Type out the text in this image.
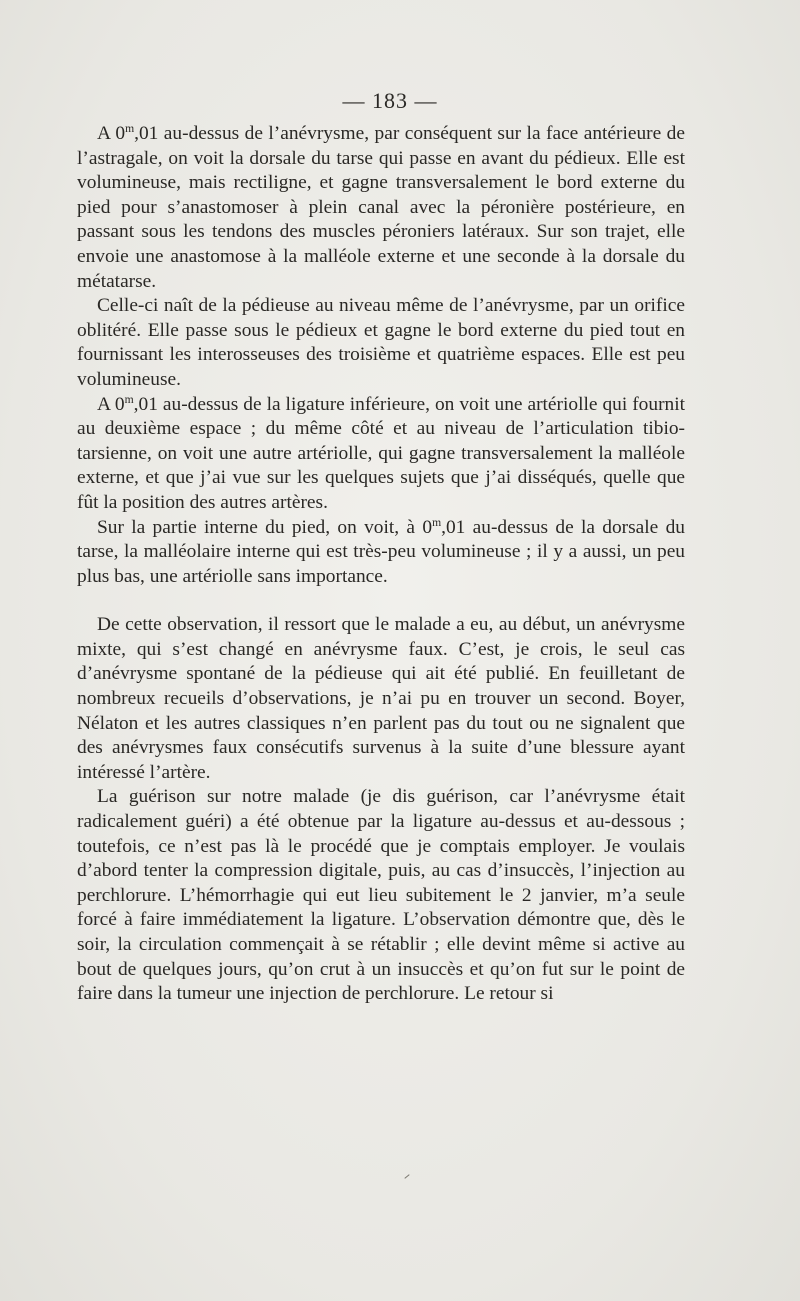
— 183 —

A 0$^m$,01 au-dessus de l’anévrysme, par conséquent sur la face antérieure de l’astragale, on voit la dorsale du tarse qui passe en avant du pédieux. Elle est volumineuse, mais rectiligne, et gagne transversalement le bord externe du pied pour s’anastomoser à plein canal avec la péronière postérieure, en passant sous les tendons des muscles péroniers latéraux. Sur son trajet, elle envoie une anastomose à la malléole externe et une seconde à la dorsale du métatarse.

Celle-ci naît de la pédieuse au niveau même de l’anévrysme, par un orifice oblitéré. Elle passe sous le pédieux et gagne le bord externe du pied tout en fournissant les interosseuses des troisième et quatrième espaces. Elle est peu volumineuse.

A 0$^m$,01 au-dessus de la ligature inférieure, on voit une artériolle qui fournit au deuxième espace ; du même côté et au niveau de l’articulation tibio-tarsienne, on voit une autre artériolle, qui gagne transversalement la malléole externe, et que j’ai vue sur les quelques sujets que j’ai disséqués, quelle que fût la position des autres artères.

Sur la partie interne du pied, on voit, à 0$^m$,01 au-dessus de la dorsale du tarse, la malléolaire interne qui est très-peu volumineuse ; il y a aussi, un peu plus bas, une artériolle sans importance.

De cette observation, il ressort que le malade a eu, au début, un anévrysme mixte, qui s’est changé en anévrysme faux. C’est, je crois, le seul cas d’anévrysme spontané de la pédieuse qui ait été publié. En feuilletant de nombreux recueils d’observations, je n’ai pu en trouver un second. Boyer, Nélaton et les autres classiques n’en parlent pas du tout ou ne signalent que des anévrysmes faux consécutifs survenus à la suite d’une blessure ayant intéressé l’artère.

La guérison sur notre malade (je dis guérison, car l’anévrysme était radicalement guéri) a été obtenue par la ligature au-dessus et au-dessous ; toutefois, ce n’est pas là le procédé que je comptais employer. Je voulais d’abord tenter la compression digitale, puis, au cas d’insuccès, l’injection au perchlorure. L’hémorrhagie qui eut lieu subitement le 2 janvier, m’a seule forcé à faire immédiatement la ligature. L’observation démontre que, dès le soir, la circulation commençait à se rétablir ; elle devint même si active au bout de quelques jours, qu’on crut à un insuccès et qu’on fut sur le point de faire dans la tumeur une injection de perchlorure. Le retour si
